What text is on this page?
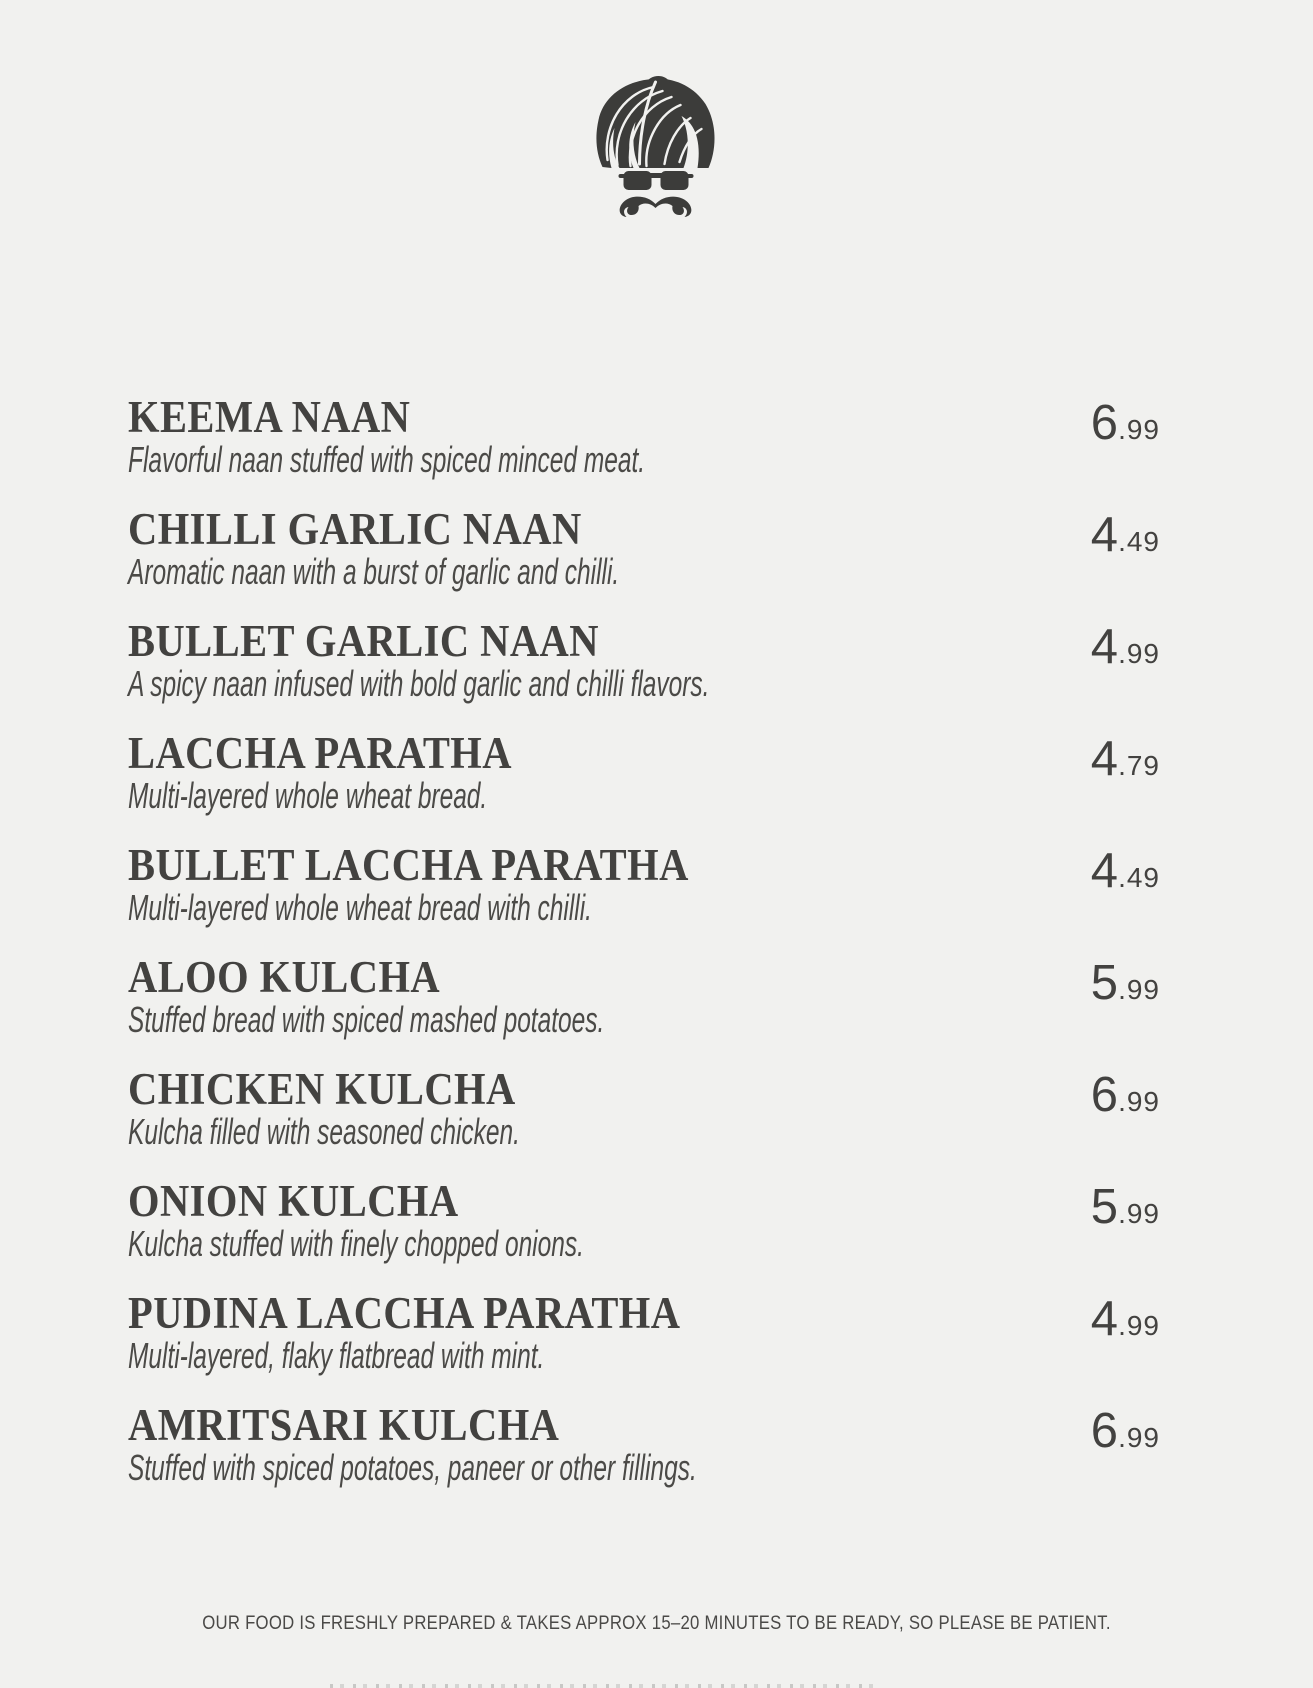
KEEMA NAAN
Flavorful naan stuffed with spiced minced meat.
6.99
CHILLI GARLIC NAAN
Aromatic naan with a burst of garlic and chilli.
4.49
BULLET GARLIC NAAN
A spicy naan infused with bold garlic and chilli flavors.
4.99
LACCHA PARATHA
Multi-layered whole wheat bread.
4.79
BULLET LACCHA PARATHA
Multi-layered whole wheat bread with chilli.
4.49
ALOO KULCHA
Stuffed bread with spiced mashed potatoes.
5.99
CHICKEN KULCHA
Kulcha filled with seasoned chicken.
6.99
ONION KULCHA
Kulcha stuffed with finely chopped onions.
5.99
PUDINA LACCHA PARATHA
Multi-layered, flaky flatbread with mint.
4.99
AMRITSARI KULCHA
Stuffed with spiced potatoes, paneer or other fillings.
6.99
OUR FOOD IS FRESHLY PREPARED & TAKES APPROX 15–20 MINUTES TO BE READY, SO PLEASE BE PATIENT.
